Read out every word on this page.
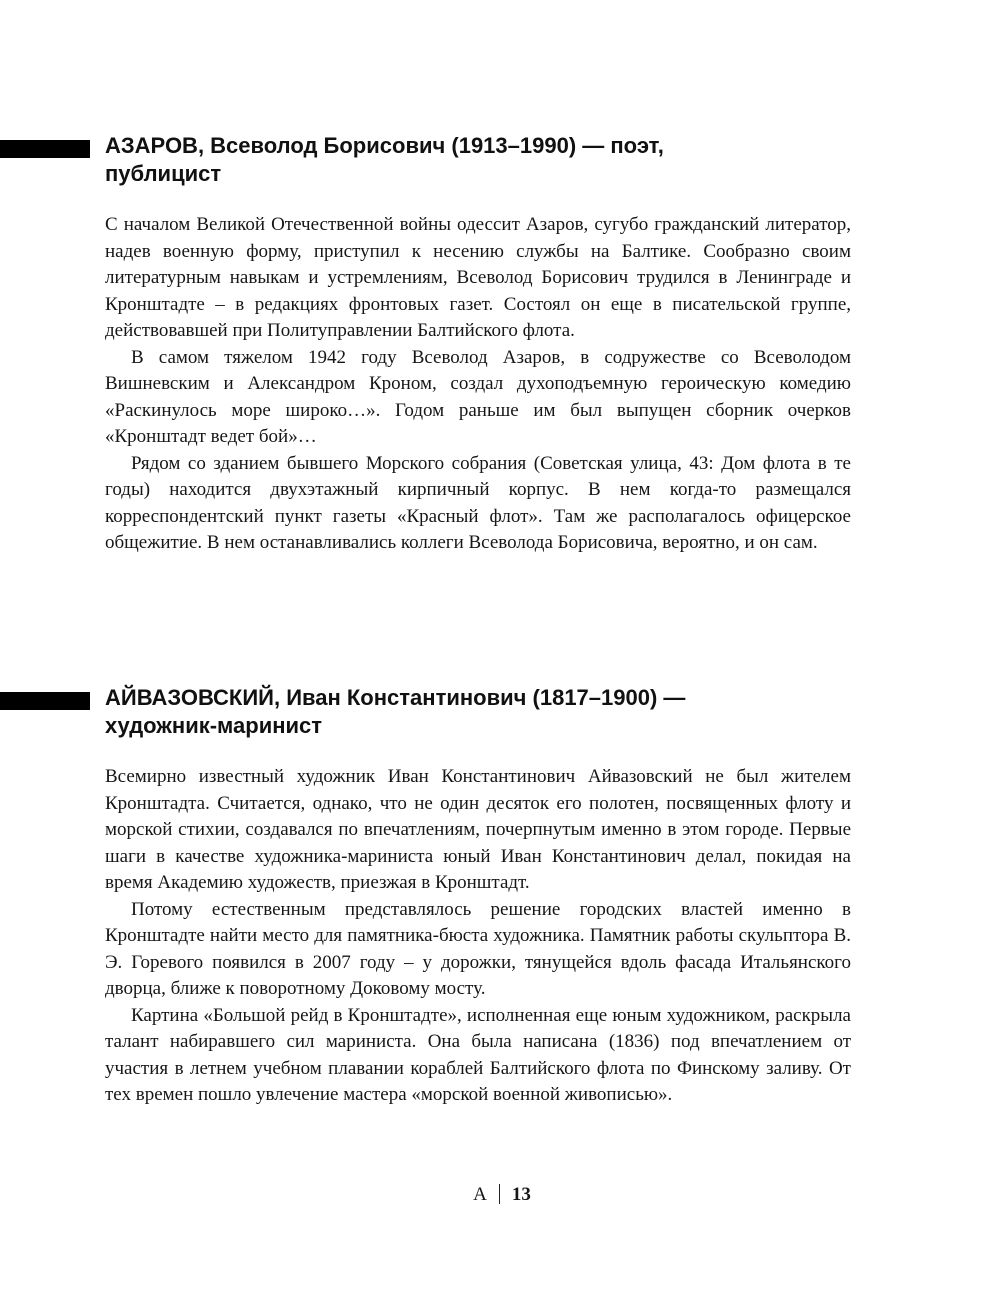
АЗАРОВ, Всеволод Борисович (1913–1990) — поэт,
публицист

С началом Великой Отечественной войны одессит Азаров, сугубо гражданский литератор, надев военную форму, приступил к несению службы на Балтике. Сообразно своим литературным навыкам и устремлениям, Всеволод Борисович трудился в Ленинграде и Кронштадте – в редакциях фронтовых газет. Состоял он еще в писательской группе, действовавшей при Политуправлении Балтийского флота.

В самом тяжелом 1942 году Всеволод Азаров, в содружестве со Всеволодом Вишневским и Александром Кроном, создал духоподъемную героическую комедию «Раскинулось море широко…». Годом раньше им был выпущен сборник очерков «Кронштадт ведет бой»…

Рядом со зданием бывшего Морского собрания (Советская улица, 43: Дом флота в те годы) находится двухэтажный кирпичный корпус. В нем когда-то размещался корреспондентский пункт газеты «Красный флот». Там же располагалось офицерское общежитие. В нем останавливались коллеги Всеволода Борисовича, вероятно, и он сам.

АЙВАЗОВСКИЙ, Иван Константинович (1817–1900) —
художник-маринист

Всемирно известный художник Иван Константинович Айвазовский не был жителем Кронштадта. Считается, однако, что не один десяток его полотен, посвященных флоту и морской стихии, создавался по впечатлениям, почерпнутым именно в этом городе. Первые шаги в качестве художника-мариниста юный Иван Константинович делал, покидая на время Академию художеств, приезжая в Кронштадт.

Потому естественным представлялось решение городских властей именно в Кронштадте найти место для памятника-бюста художника. Памятник работы скульптора В. Э. Горевого появился в 2007 году – у дорожки, тянущейся вдоль фасада Итальянского дворца, ближе к поворотному Доковому мосту.

Картина «Большой рейд в Кронштадте», исполненная еще юным художником, раскрыла талант набиравшего сил мариниста. Она была написана (1836) под впечатлением от участия в летнем учебном плавании кораблей Балтийского флота по Финскому заливу. От тех времен пошло увлечение мастера «морской военной живописью».

А 13
